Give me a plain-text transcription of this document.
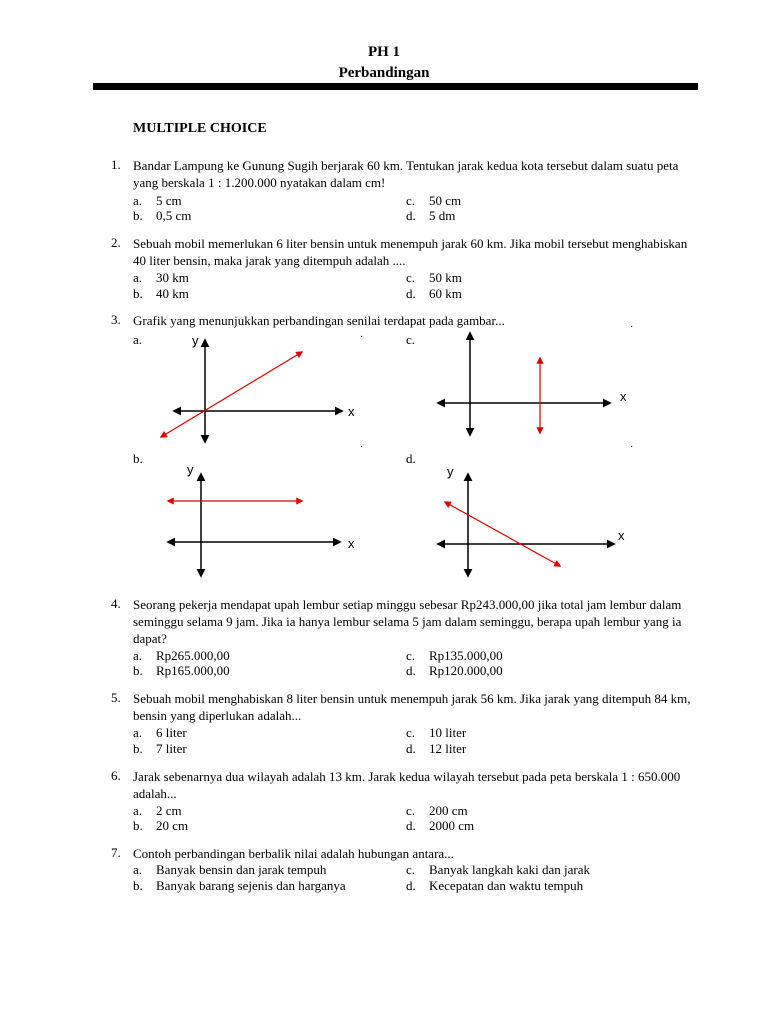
PH 1
Perbandingan
MULTIPLE CHOICE
1. Bandar Lampung ke Gunung Sugih berjarak 60 km. Tentukan jarak kedua kota tersebut dalam suatu peta yang berskala 1 : 1.200.000 nyatakan dalam cm!
a. 5 cm	c. 50 cm
b. 0,5 cm	d. 5 dm
2. Sebuah mobil memerlukan 6 liter bensin untuk menempuh jarak 60 km. Jika mobil tersebut menghabiskan 40 liter bensin, maka jarak yang ditempuh adalah ....
a. 30 km	c. 50 km
b. 40 km	d. 60 km
3. Grafik yang menunjukkan perbandingan senilai terdapat pada gambar...
a.	c.
b.	d.
·
·
·	·
y
x
x
y
x
y
x
4. Seorang pekerja mendapat upah lembur setiap minggu sebesar Rp243.000,00 jika total jam lembur dalam seminggu selama 9 jam. Jika ia hanya lembur selama 5 jam dalam seminggu, berapa upah lembur yang ia dapat?
a. Rp265.000,00	c. Rp135.000,00
b. Rp165.000,00	d. Rp120.000,00
5. Sebuah mobil menghabiskan 8 liter bensin untuk menempuh jarak 56 km. Jika jarak yang ditempuh 84 km, bensin yang diperlukan adalah...
a. 6 liter	c. 10 liter
b. 7 liter	d. 12 liter
6. Jarak sebenarnya dua wilayah adalah 13 km. Jarak kedua wilayah tersebut pada peta berskala 1 : 650.000 adalah...
a. 2 cm	c. 200 cm
b. 20 cm	d. 2000 cm
7. Contoh perbandingan berbalik nilai adalah hubungan antara...
a. Banyak bensin dan jarak tempuh	c. Banyak langkah kaki dan jarak
b. Banyak barang sejenis dan harganya	d. Kecepatan dan waktu tempuh
